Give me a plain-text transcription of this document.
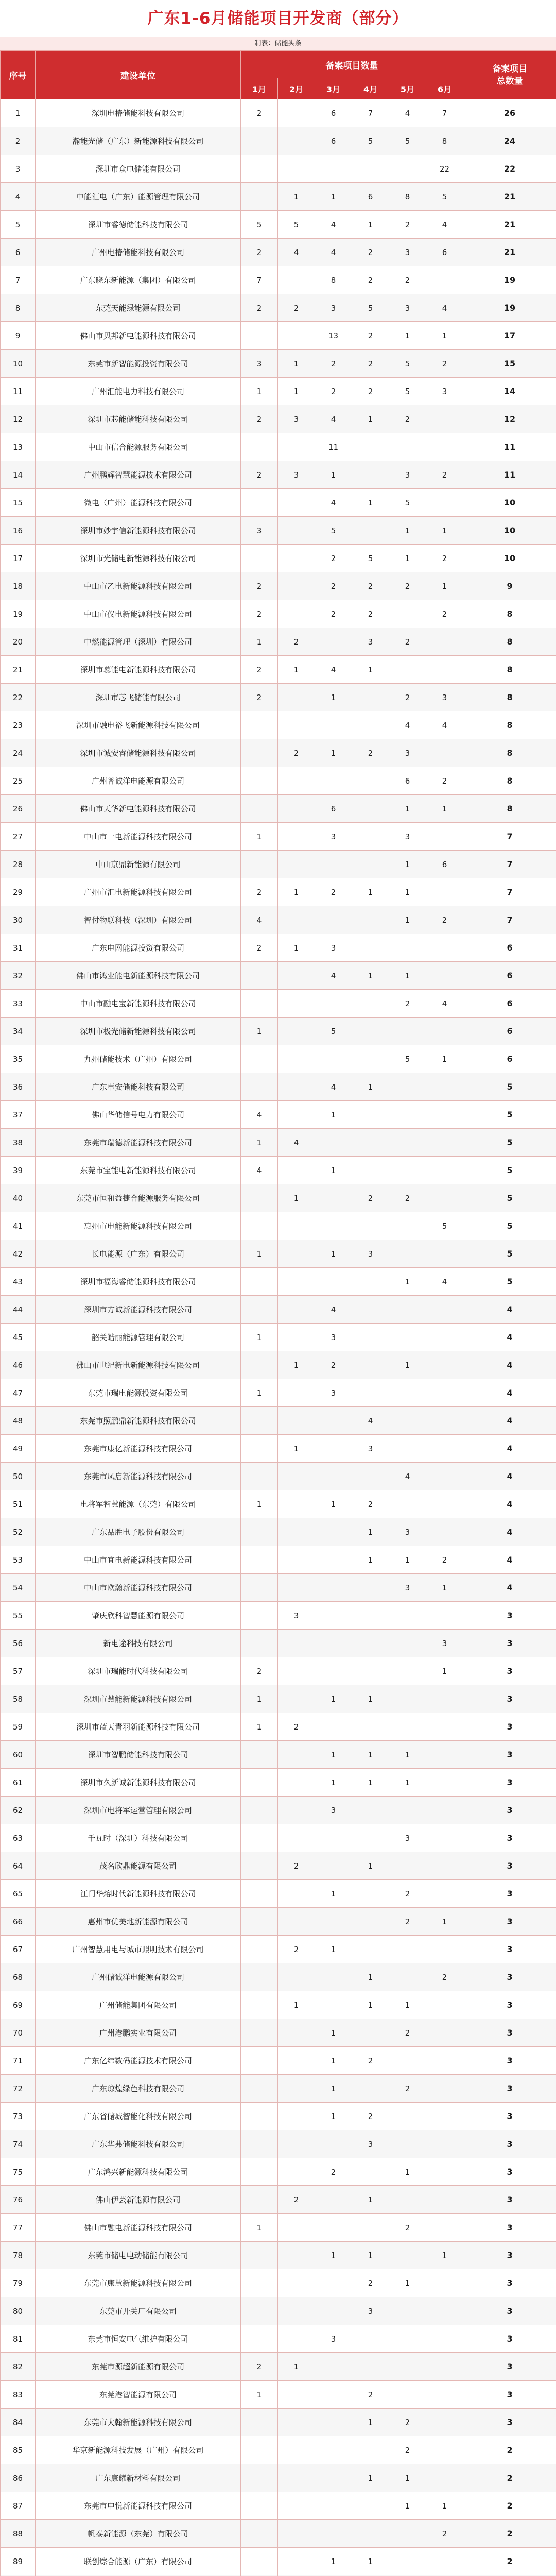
广东1-6月储能项目开发商（部分）
制表：储能头条
序号	建设单位	备案项目数量						备案项目
总数量
		1月	2月	3月	4月	5月	6月	
1	深圳电椿储能科技有限公司	2		6	7	4	7	26
2	瀚能光储（广东）新能源科技有限公司			6	5	5	8	24
3	深圳市众电储能有限公司						22	22
4	中能汇电（广东）能源管理有限公司		1	1	6	8	5	21
5	深圳市睿德储能科技有限公司	5	5	4	1	2	4	21
6	广州电椿储能科技有限公司	2	4	4	2	3	6	21
7	广东晓东新能源（集团）有限公司	7		8	2	2		19
8	东莞天能绿能源有限公司	2	2	3	5	3	4	19
9	佛山市贝邦新电能源科技有限公司			13	2	1	1	17
10	东莞市新智能源投资有限公司	3	1	2	2	5	2	15
11	广州汇能电力科技有限公司	1	1	2	2	5	3	14
12	深圳市芯能储能科技有限公司	2	3	4	1	2		12
13	中山市信合能源服务有限公司			11				11
14	广州鹏辉智慧能源技术有限公司	2	3	1		3	2	11
15	微电（广州）能源科技有限公司			4	1	5		10
16	深圳市妙宇信新能源科技有限公司	3		5		1	1	10
17	深圳市光储电新能源科技有限公司			2	5	1	2	10
18	中山市乙电新能源科技有限公司	2		2	2	2	1	9
19	中山市仪电新能源科技有限公司	2		2	2		2	8
20	中燃能源管理（深圳）有限公司	1	2		3	2		8
21	深圳市慕能电新能源科技有限公司	2	1	4	1			8
22	深圳市芯飞储能有限公司	2		1		2	3	8
23	深圳市融电裕飞新能源科技有限公司					4	4	8
24	深圳市诚安睿储能源科技有限公司		2	1	2	3		8
25	广州普诚洋电能源有限公司					6	2	8
26	佛山市天华新电能源科技有限公司			6		1	1	8
27	中山市一电新能源科技有限公司	1		3		3		7
28	中山京鼎新能源有限公司					1	6	7
29	广州市汇电新能源科技有限公司	2	1	2	1	1		7
30	智付物联科技（深圳）有限公司	4				1	2	7
31	广东电网能源投资有限公司	2	1	3				6
32	佛山市鸿业能电新能源科技有限公司			4	1	1		6
33	中山市融电宝新能源科技有限公司					2	4	6
34	深圳市极光储新能源科技有限公司	1		5				6
35	九州储能技术（广州）有限公司					5	1	6
36	广东卓安储能科技有限公司			4	1			5
37	佛山华储信号电力有限公司	4		1				5
38	东莞市瑞德新能源科技有限公司	1	4					5
39	东莞市宝能电新能源科技有限公司	4		1				5
40	东莞市恒和益捷合能源服务有限公司		1		2	2		5
41	惠州市电能新能源科技有限公司						5	5
42	长电能源（广东）有限公司	1		1	3			5
43	深圳市福海睿储能源科技有限公司					1	4	5
44	深圳市方诚新能源科技有限公司			4				4
45	韶关皓丽能源管理有限公司	1		3				4
46	佛山市世纪新电新能源科技有限公司		1	2		1		4
47	东莞市瑞电能源投资有限公司	1		3				4
48	东莞市照鹏鼎新能源科技有限公司				4			4
49	东莞市康亿新能源科技有限公司		1		3			4
50	东莞市凤启新能源科技有限公司					4		4
51	电将军智慧能源（东莞）有限公司	1		1	2			4
52	广东品胜电子股份有限公司				1	3		4
53	中山市宜电新能源科技有限公司				1	1	2	4
54	中山市欧瀚新能源科技有限公司					3	1	4
55	肇庆欣科智慧能源有限公司		3					3
56	新电途科技有限公司						3	3
57	深圳市瑞能时代科技有限公司	2					1	3
58	深圳市慧能新能源科技有限公司	1		1	1			3
59	深圳市蓝天青羽新能源科技有限公司	1	2					3
60	深圳市智鹏储能科技有限公司			1	1	1		3
61	深圳市久新诚新能源科技有限公司			1	1	1		3
62	深圳市电将军运营管理有限公司			3				3
63	千瓦时（深圳）科技有限公司					3		3
64	茂名欣鼎能源有限公司		2		1			3
65	江门华熔时代新能源科技有限公司			1		2		3
66	惠州市优美地新能源有限公司					2	1	3
67	广州智慧用电与城市照明技术有限公司		2	1				3
68	广州储诚洋电能源有限公司				1		2	3
69	广州储能集团有限公司		1		1	1		3
70	广州港鹏实业有限公司			1		2		3
71	广东亿纬数码能源技术有限公司			1	2			3
72	广东琼煌绿色科技有限公司			1		2		3
73	广东省储城智能化科技有限公司			1	2			3
74	广东华弗储能科技有限公司				3			3
75	广东鸿兴新能源科技有限公司			2		1		3
76	佛山伊芸新能源有限公司		2		1			3
77	佛山市融电新能源科技有限公司	1				2		3
78	东莞市储电电动储能有限公司			1	1		1	3
79	东莞市康慧新能源科技有限公司				2	1		3
80	东莞市开关厂有限公司				3			3
81	东莞市恒安电气维护有限公司			3				3
82	东莞市源超新能源有限公司	2	1					3
83	东莞港智能源有限公司	1			2			3
84	东莞市大翰新能源科技有限公司				1	2		3
85	华京新能源科技发展（广州）有限公司					2		2
86	广东康耀新材料有限公司				1	1		2
87	东莞市申悦新能源科技有限公司					1	1	2
88	帆泰新能源（东莞）有限公司						2	2
89	联创综合能源（广东）有限公司			1	1			2
